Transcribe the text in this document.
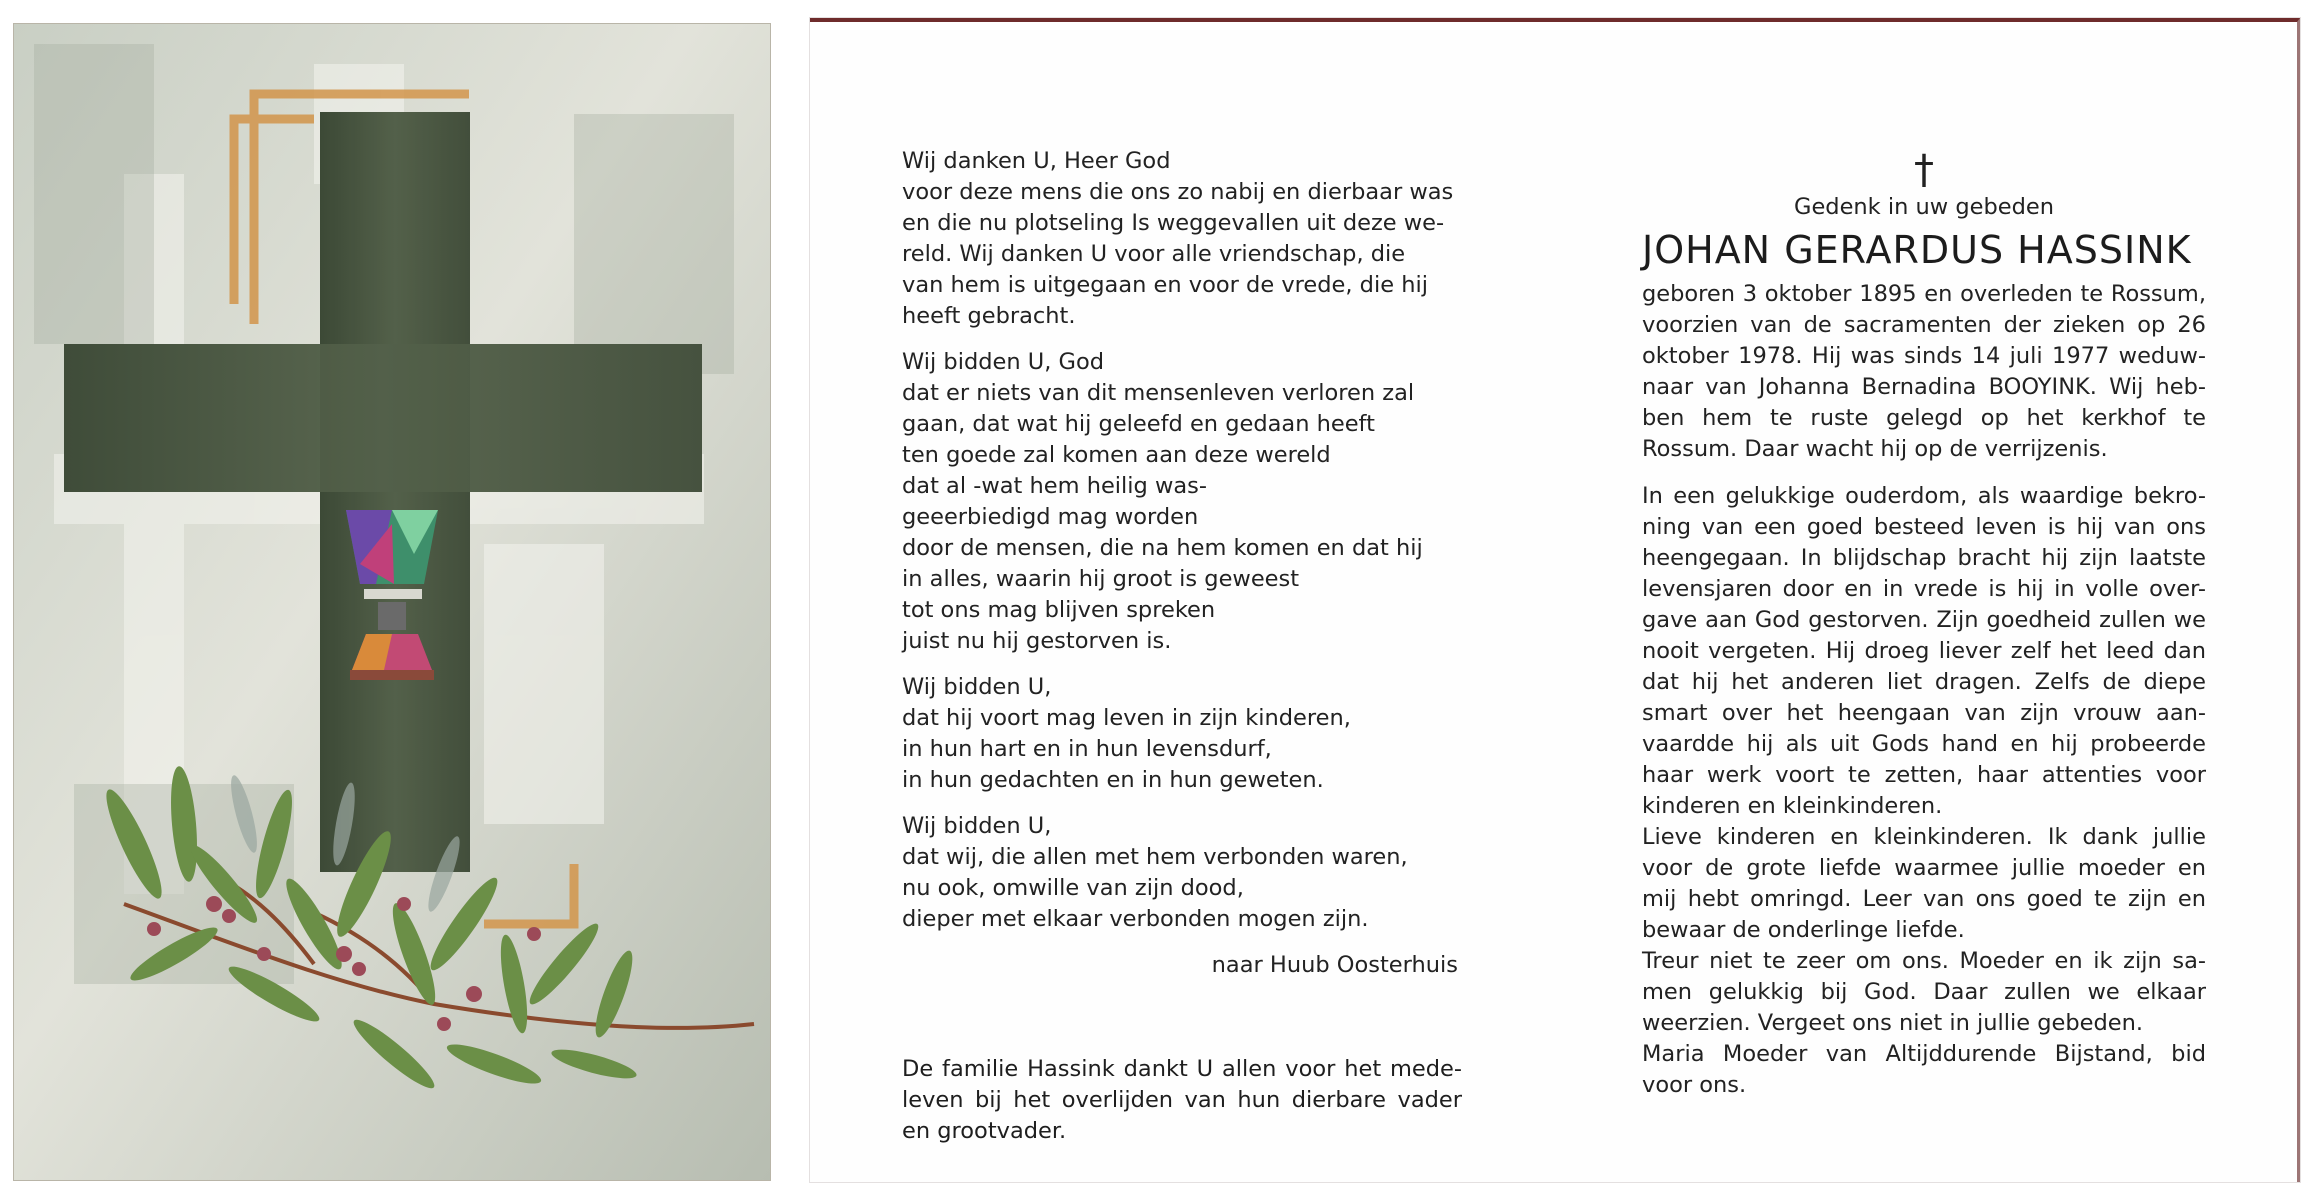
Wij danken U, Heer God

voor deze mens die ons zo nabij en dierbaar was

en die nu plotseling Is weggevallen uit deze we-

reld. Wij danken U voor alle vriendschap, die

van hem is uitgegaan en voor de vrede, die hij

heeft gebracht.

Wij bidden U, God

dat er niets van dit mensenleven verloren zal

gaan, dat wat hij geleefd en gedaan heeft

ten goede zal komen aan deze wereld

dat al -wat hem heilig was-

geeerbiedigd mag worden

door de mensen, die na hem komen en dat hij

in alles, waarin hij groot is geweest

tot ons mag blijven spreken

juist nu hij gestorven is.

Wij bidden U,

dat hij voort mag leven in zijn kinderen,

in hun hart en in hun levensdurf,

in hun gedachten en in hun geweten.

Wij bidden U,

dat wij, die allen met hem verbonden waren,

nu ook, omwille van zijn dood,

dieper met elkaar verbonden mogen zijn.

naar Huub Oosterhuis

De familie Hassink dankt U allen voor het mede-leven bij het overlijden van hun dierbare vader en grootvader.

†

Gedenk in uw gebeden

JOHAN GERARDUS HASSINK

geboren 3 oktober 1895 en overleden te Rossum, voorzien van de sacramenten der zieken op 26 oktober 1978. Hij was sinds 14 juli 1977 weduw-naar van Johanna Bernadina BOOYINK. Wij heb-ben hem te ruste gelegd op het kerkhof te Rossum. Daar wacht hij op de verrijzenis.

In een gelukkige ouderdom, als waardige bekro-ning van een goed besteed leven is hij van ons heengegaan. In blijdschap bracht hij zijn laatste levensjaren door en in vrede is hij in volle over-gave aan God gestorven. Zijn goedheid zullen we nooit vergeten. Hij droeg liever zelf het leed dan dat hij het anderen liet dragen. Zelfs de diepe smart over het heengaan van zijn vrouw aan-vaardde hij als uit Gods hand en hij probeerde haar werk voort te zetten, haar attenties voor kinderen en kleinkinderen.

Lieve kinderen en kleinkinderen. Ik dank jullie voor de grote liefde waarmee jullie moeder en mij hebt omringd. Leer van ons goed te zijn en bewaar de onderlinge liefde.

Treur niet te zeer om ons. Moeder en ik zijn sa-men gelukkig bij God. Daar zullen we elkaar weerzien. Vergeet ons niet in jullie gebeden.

Maria Moeder van Altijddurende Bijstand, bid voor ons.
